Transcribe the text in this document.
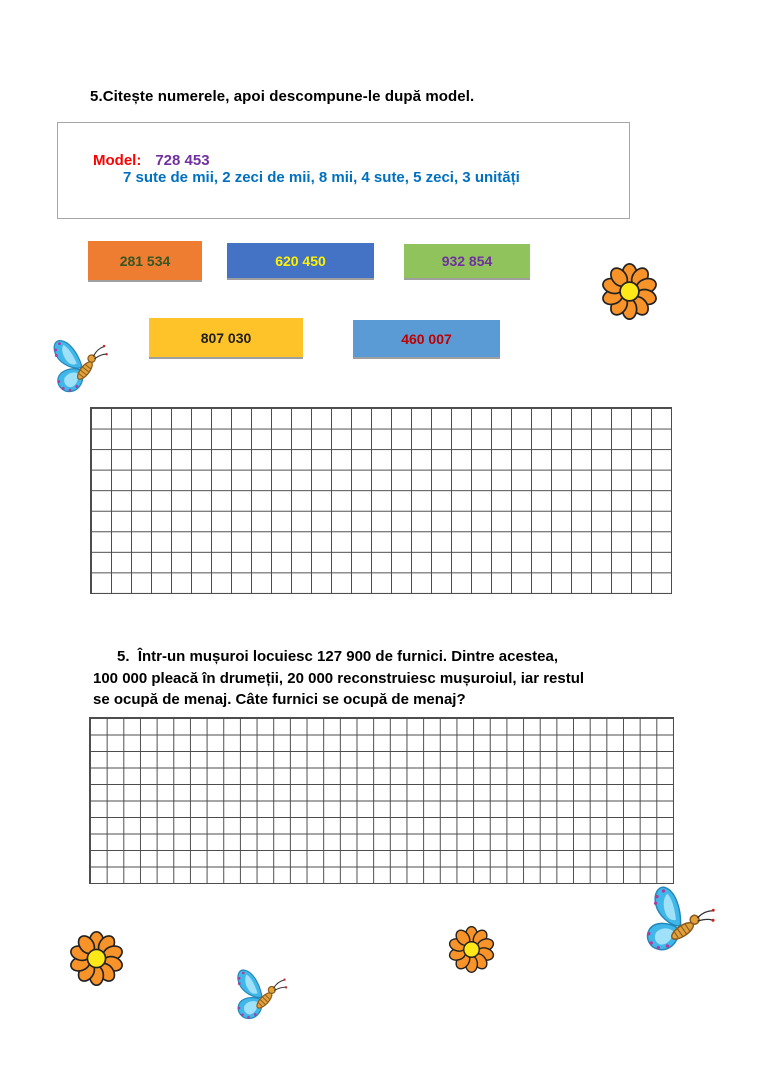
5.Citește numerele, apoi descompune-le după model.

Model: 728 453

7 sute de mii, 2 zeci de mii, 8 mii, 4 sute, 5 zeci, 3 unități
281 534	620 450	932 854
807 030	460 007
5.  Într-un mușuroi locuiesc 127 900 de furnici. Dintre acestea,
100 000 pleacă în drumeții, 20 000 reconstruiesc mușuroiul, iar restul
se ocupă de menaj. Câte furnici se ocupă de menaj?
